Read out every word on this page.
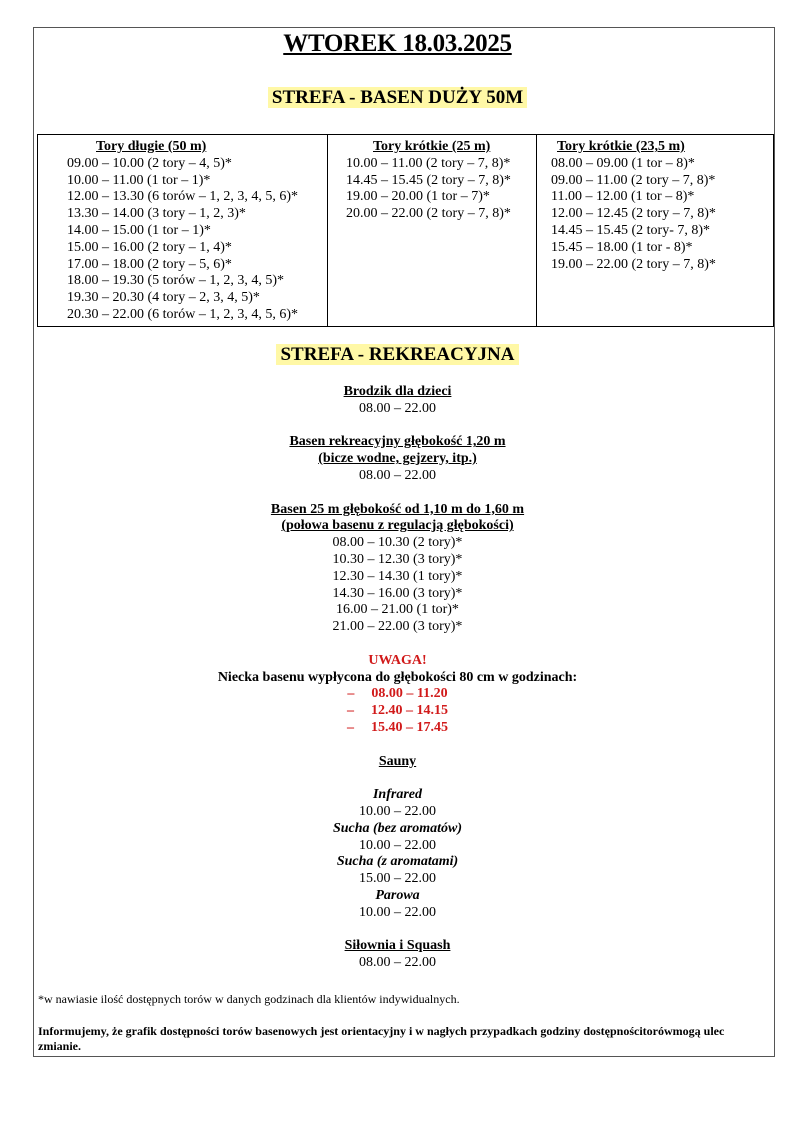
WTOREK 18.03.2025
STREFA - BASEN DUŻY 50M
Tory długie (50 m)
09.00 – 10.00 (2 tory – 4, 5)*
10.00 – 11.00 (1 tor – 1)*
12.00 – 13.30 (6 torów – 1, 2, 3, 4, 5, 6)*
13.30 – 14.00 (3 tory – 1, 2, 3)*
14.00 – 15.00 (1 tor – 1)*
15.00 – 16.00 (2 tory – 1, 4)*
17.00 – 18.00 (2 tory – 5, 6)*
18.00 – 19.30 (5 torów – 1, 2, 3, 4, 5)*
19.30 – 20.30 (4 tory – 2, 3, 4, 5)*
20.30 – 22.00 (6 torów – 1, 2, 3, 4, 5, 6)*

Tory krótkie (25 m)
10.00 – 11.00 (2 tory – 7, 8)*
14.45 – 15.45 (2 tory – 7, 8)*
19.00 – 20.00 (1 tor – 7)*
20.00 – 22.00 (2 tory – 7, 8)*

Tory krótkie (23,5 m)
08.00 – 09.00 (1 tor – 8)*
09.00 – 11.00 (2 tory – 7, 8)*
11.00 – 12.00 (1 tor – 8)*
12.00 – 12.45 (2 tory – 7, 8)*
14.45 – 15.45 (2 tory- 7, 8)*
15.45 – 18.00 (1 tor - 8)*
19.00 – 22.00 (2 tory – 7, 8)*
STREFA - REKREACYJNA
Brodzik dla dzieci
08.00 – 22.00
Basen rekreacyjny głębokość 1,20 m
(bicze wodne, gejzery, itp.)
08.00 – 22.00
Basen 25 m głębokość od 1,10 m do 1,60 m
(połowa basenu z regulacją głębokości)
08.00 – 10.30 (2 tory)*
10.30 – 12.30 (3 tory)*
12.30 – 14.30 (1 tory)*
14.30 – 16.00 (3 tory)*
16.00 – 21.00 (1 tor)*
21.00 – 22.00 (3 tory)*
UWAGA!
Niecka basenu wypłycona do głębokości 80 cm w godzinach:
– 08.00 – 11.20
– 12.40 – 14.15
– 15.40 – 17.45
Sauny
Infrared
10.00 – 22.00
Sucha (bez aromatów)
10.00 – 22.00
Sucha (z aromatami)
15.00 – 22.00
Parowa
10.00 – 22.00
Siłownia i Squash
08.00 – 22.00
*w nawiasie ilość dostępnych torów w danych godzinach dla klientów indywidualnych.
Informujemy, że grafik dostępności torów basenowych jest orientacyjny i w nagłych przypadkach godziny dostępnościtorówmogą ulec zmianie.
